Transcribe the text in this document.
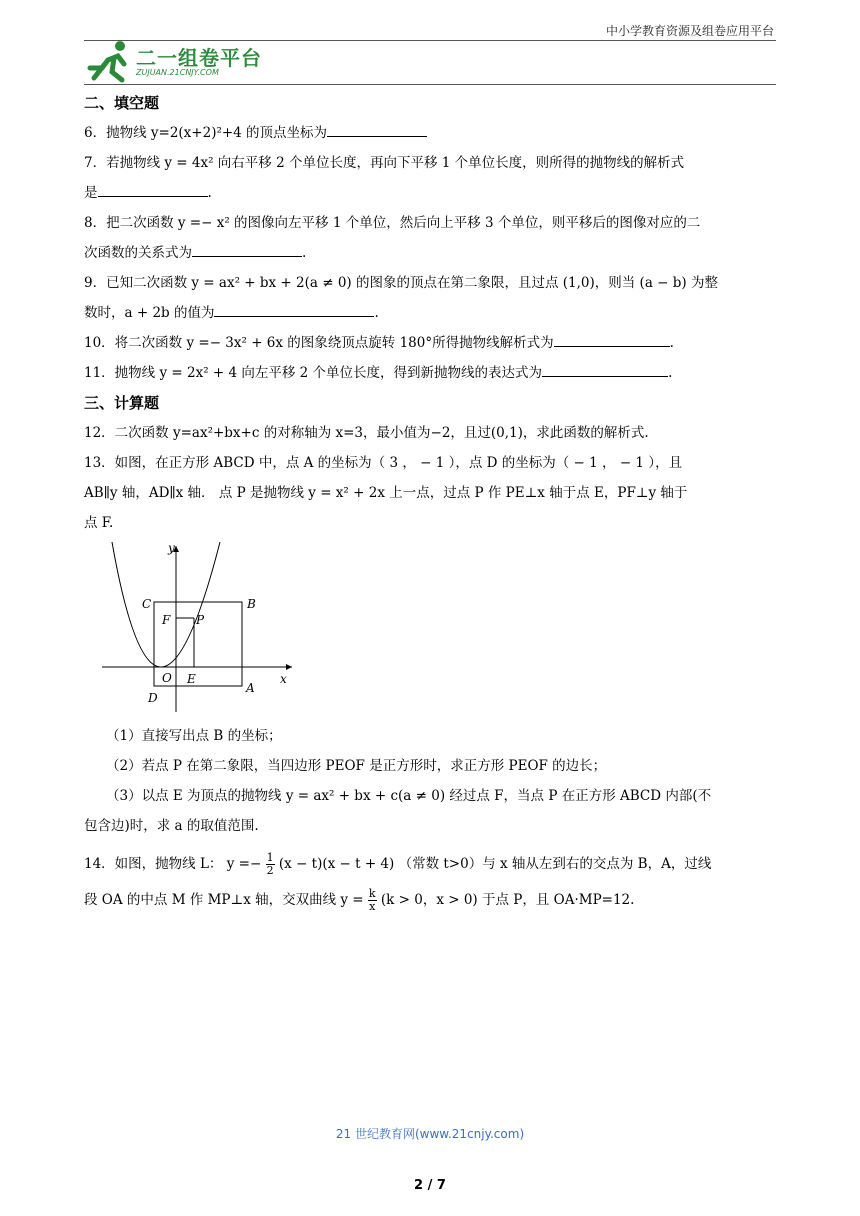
中小学教育资源及组卷应用平台
二一组卷平台
ZUJUAN.21CNJY.COM
二、填空题

6．抛物线 y=2(x+2)²+4 的顶点坐标为

7．若抛物线 y = 4x² 向右平移 2 个单位长度，再向下平移 1 个单位长度，则所得的抛物线的解析式

是	.

8．把二次函数 y =− x² 的图像向左平移 1 个单位，然后向上平移 3 个单位，则平移后的图像对应的二

次函数的关系式为	.

9．已知二次函数 y = ax² + bx + 2(a ≠ 0) 的图象的顶点在第二象限，且过点 (1,0)，则当 (a − b) 为整

数时，a + 2b 的值为	.

10．将二次函数 y =− 3x² + 6x 的图象绕顶点旋转 180°所得抛物线解析式为	.

11．抛物线 y = 2x² + 4 向左平移 2 个单位长度，得到新抛物线的表达式为	.

三、计算题

12．二次函数 y=ax²+bx+c 的对称轴为 x=3，最小值为−2，且过(0,1)，求此函数的解析式.

13．如图，在正方形 ABCD 中，点 A 的坐标为（ 3 ， − 1 ），点 D 的坐标为（ − 1 ， − 1 ），且

AB∥y 轴，AD∥x 轴． 点 P 是抛物线 y = x² + 2x 上一点，过点 P 作 PE⊥x 轴于点 E，PF⊥y 轴于

点 F.

y
x
C	B
F P
O E
A
D

（1）直接写出点 B 的坐标；

（2）若点 P 在第二象限，当四边形 PEOF 是正方形时，求正方形 PEOF 的边长；

（3）以点 E 为顶点的抛物线 y = ax² + bx + c(a ≠ 0) 经过点 F，当点 P 在正方形 ABCD 内部(不

包含边)时，求 a 的取值范围.

14．如图，抛物线 L： $y =- \frac{1}{2} (x - t)(x - t + 4)$ （常数 t>0）与 x 轴从左到右的交点为 B，A，过线

段 OA 的中点 M 作 MP⊥x 轴，交双曲线 $y = \frac{k}{x} (k > 0$，x > 0) 于点 P，且 OA·MP=12.

21 世纪教育网(www.21cnjy.com)
2 / 7
